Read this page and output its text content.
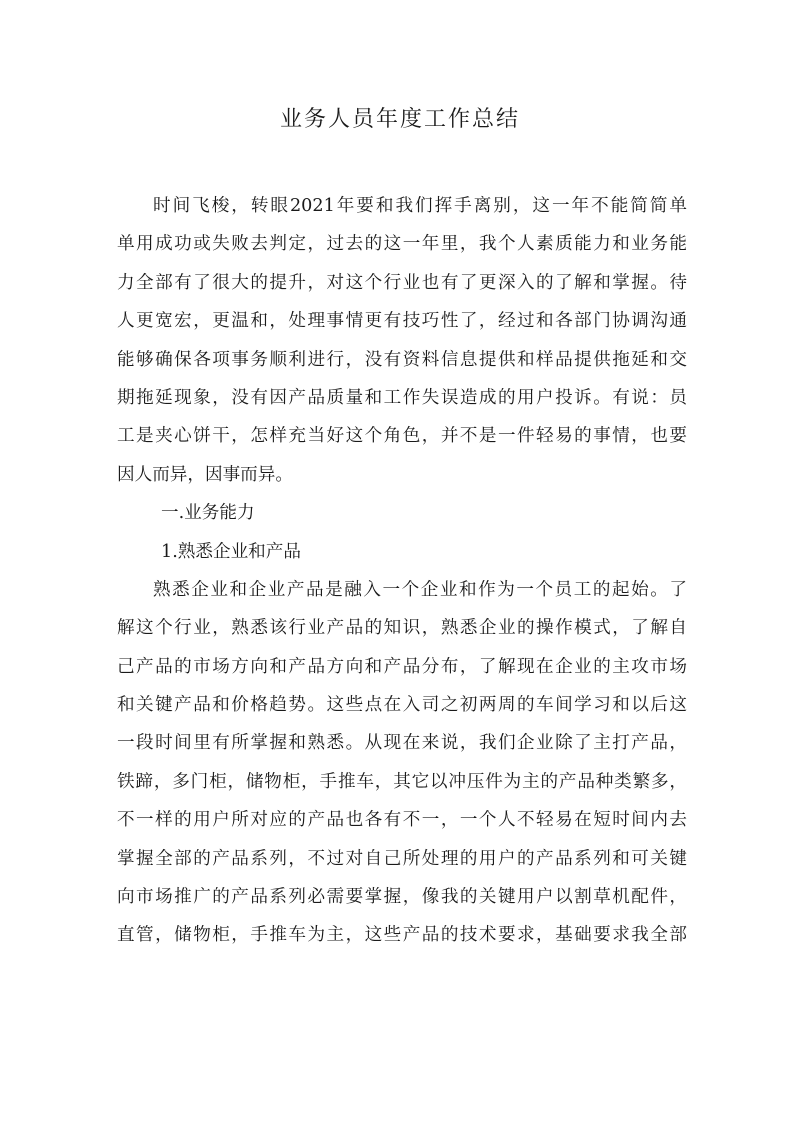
业务人员年度工作总结
时间飞梭，转眼2021年要和我们挥手离别，这一年不能简简单
单用成功或失败去判定，过去的这一年里，我个人素质能力和业务能
力全部有了很大的提升，对这个行业也有了更深入的了解和掌握。待
人更宽宏，更温和，处理事情更有技巧性了，经过和各部门协调沟通
能够确保各项事务顺利进行，没有资料信息提供和样品提供拖延和交
期拖延现象，没有因产品质量和工作失误造成的用户投诉。有说：员
工是夹心饼干，怎样充当好这个角色，并不是一件轻易的事情，也要
因人而异，因事而异。
一.业务能力
1.熟悉企业和产品
熟悉企业和企业产品是融入一个企业和作为一个员工的起始。了
解这个行业，熟悉该行业产品的知识，熟悉企业的操作模式，了解自
己产品的市场方向和产品方向和产品分布，了解现在企业的主攻市场
和关键产品和价格趋势。这些点在入司之初两周的车间学习和以后这
一段时间里有所掌握和熟悉。从现在来说，我们企业除了主打产品，
铁蹄，多门柜，储物柜，手推车，其它以冲压件为主的产品种类繁多，
不一样的用户所对应的产品也各有不一，一个人不轻易在短时间内去
掌握全部的产品系列，不过对自己所处理的用户的产品系列和可关键
向市场推广的产品系列必需要掌握，像我的关键用户以割草机配件，
直管，储物柜，手推车为主，这些产品的技术要求，基础要求我全部
